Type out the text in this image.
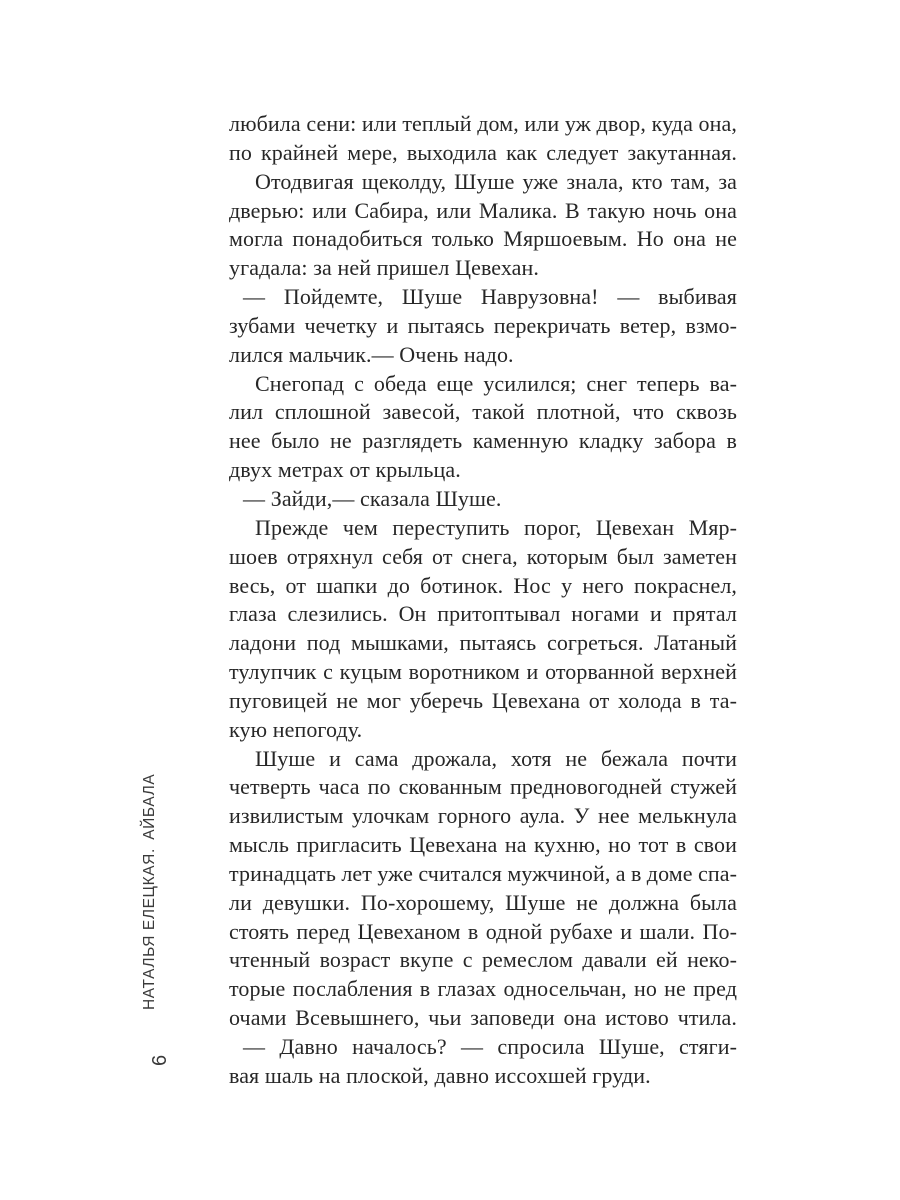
любила сени: или теплый дом, или уж двор, куда она,
по крайней мере, выходила как следует закутанная.
Отодвигая щеколду, Шуше уже знала, кто там, за
дверью: или Сабира, или Малика. В такую ночь она
могла понадобиться только Мяршоевым. Но она не
угадала: за ней пришел Цевехан.
— Пойдемте, Шуше Наврузовна! — выбивая
зубами чечетку и пытаясь перекричать ветер, взмо-
лился мальчик.— Очень надо.
Снегопад с обеда еще усилился; снег теперь ва-
лил сплошной завесой, такой плотной, что сквозь
нее было не разглядеть каменную кладку забора в
двух метрах от крыльца.
— Зайди,— сказала Шуше.
Прежде чем переступить порог, Цевехан Мяр-
шоев отряхнул себя от снега, которым был заметен
весь, от шапки до ботинок. Нос у него покраснел,
глаза слезились. Он притоптывал ногами и прятал
ладони под мышками, пытаясь согреться. Латаный
тулупчик с куцым воротником и оторванной верхней
пуговицей не мог уберечь Цевехана от холода в та-
кую непогоду.
Шуше и сама дрожала, хотя не бежала почти
четверть часа по скованным предновогодней стужей
извилистым улочкам горного аула. У нее мелькнула
мысль пригласить Цевехана на кухню, но тот в свои
тринадцать лет уже считался мужчиной, а в доме спа-
ли девушки. По-хорошему, Шуше не должна была
стоять перед Цевеханом в одной рубахе и шали. По-
чтенный возраст вкупе с ремеслом давали ей неко-
торые послабления в глазах односельчан, но не пред
очами Всевышнего, чьи заповеди она истово чтила.
— Давно началось? — спросила Шуше, стяги-
вая шаль на плоской, давно иссохшей груди.
НАТАЛЬЯ ЕЛЕЦКАЯ. АЙБАЛА
6
